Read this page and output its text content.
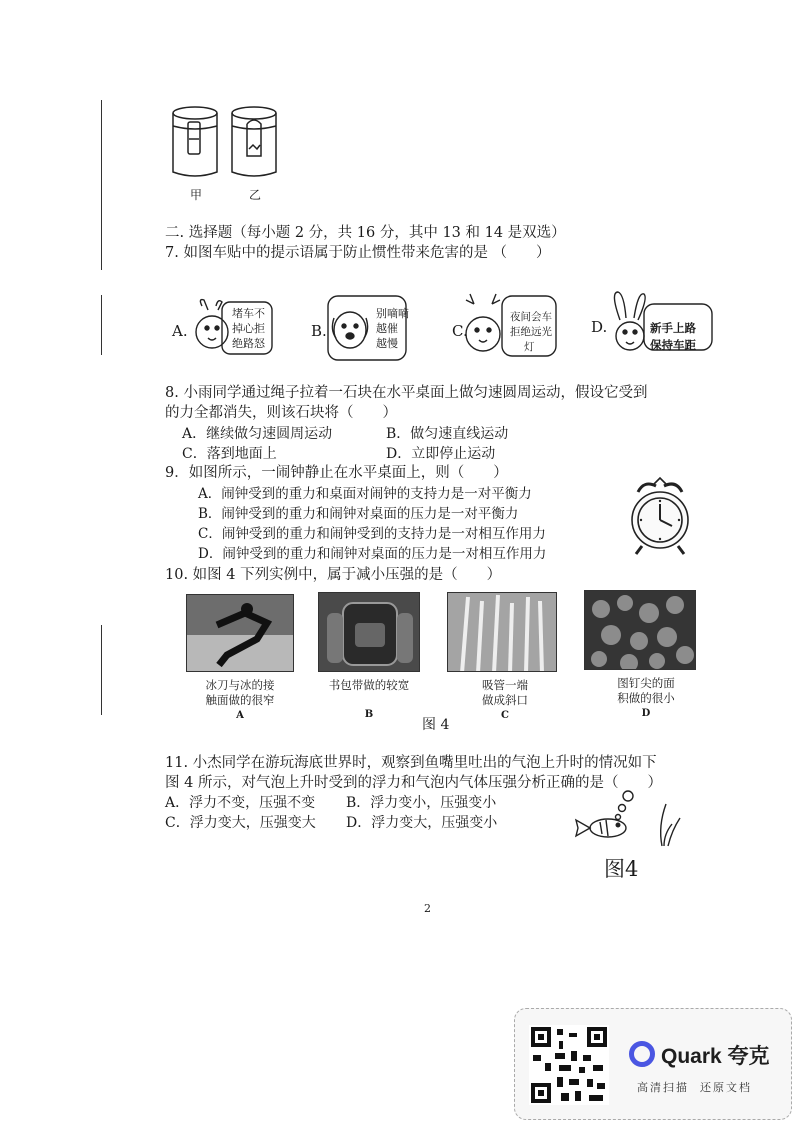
甲	乙
二. 选择题（每小题 2 分，共 16 分，其中 13 和 14 是双选）
7. 如图车贴中的提示语属于防止惯性带来危害的是 （　　）
A.
堵车不
掉心拒
绝路怒
B.
别嘀嘀
越催
越慢
C.
夜间会车
拒绝远光
灯
D.	新手上路
保持车距
8. 小雨同学通过绳子拉着一石块在水平桌面上做匀速圆周运动，假设它受到
的力全都消失，则该石块将（　　）
A．继续做匀速圆周运动	B．做匀速直线运动
C．落到地面上	D．立即停止运动
9．如图所示，一闹钟静止在水平桌面上，则（　　）
A．闹钟受到的重力和桌面对闹钟的支持力是一对平衡力
B．闹钟受到的重力和闹钟对桌面的压力是一对平衡力
C．闹钟受到的重力和闹钟受到的支持力是一对相互作用力
D．闹钟受到的重力和闹钟对桌面的压力是一对相互作用力
10. 如图 4 下列实例中，属于减小压强的是（　　）
冰刀与冰的接
触面做的很窄
A
书包带做的较宽
B
吸管一端
做成斜口
C
图钉尖的面
积做的很小
D
图 4
11. 小杰同学在游玩海底世界时，观察到鱼嘴里吐出的气泡上升时的情况如下
图 4 所示，对气泡上升时受到的浮力和气泡内气体压强分析正确的是（　　）
A．浮力不变，压强不变 B．浮力变小，压强变小
C．浮力变大，压强变大 D．浮力变大，压强变小
图4
2
Quark 夸克
高清扫描  还原文档
